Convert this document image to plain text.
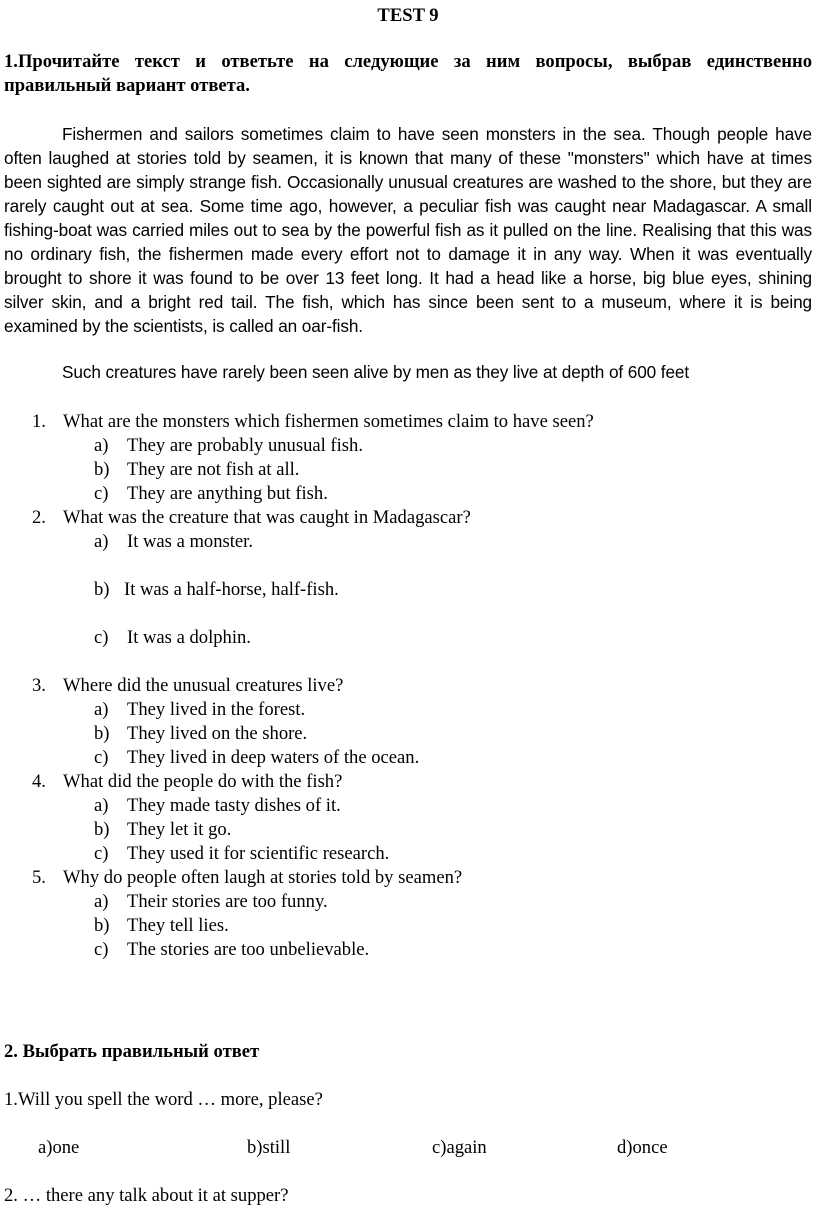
TEST 9
1.Прочитайте текст и ответьте на следующие за ним вопросы, выбрав единственно правильный вариант ответа.

Fishermen and sailors sometimes claim to have seen monsters in the sea. Though people have often laughed at stories told by seamen, it is known that many of these "monsters" which have at times been sighted are simply strange fish. Occasionally unusual creatures are washed to the shore, but they are rarely caught out at sea. Some time ago, however, a peculiar fish was caught near Madagascar. A small fishing-boat was carried miles out to sea by the powerful fish as it pulled on the line. Realising that this was no ordinary fish, the fishermen made every effort not to damage it in any way. When it was eventually brought to shore it was found to be over 13 feet long. It had a head like a horse, big blue eyes, shining silver skin, and a bright red tail. The fish, which has since been sent to a museum, where it is being examined by the scientists, is called an oar-fish.

Such creatures have rarely been seen alive by men as they live at depth of 600 feet

1. What are the monsters which fishermen sometimes claim to have seen?
a) They are probably unusual fish.
b) They are not fish at all.
c) They are anything but fish.
2. What was the creature that was caught in Madagascar?
a) It was a monster.
b) It was a half-horse, half-fish.
c) It was a dolphin.
3. Where did the unusual creatures live?
a) They lived in the forest.
b) They lived on the shore.
c) They lived in deep waters of the ocean.
4. What did the people do with the fish?
a) They made tasty dishes of it.
b) They let it go.
c) They used it for scientific research.
5. Why do people often laugh at stories told by seamen?
a) Their stories are too funny.
b) They tell lies.
c) The stories are too unbelievable.
2. Выбрать правильный ответ
1.Will you spell the word … more, please?
a)one	b)still	c)again	d)once
2. … there any talk about it at supper?
